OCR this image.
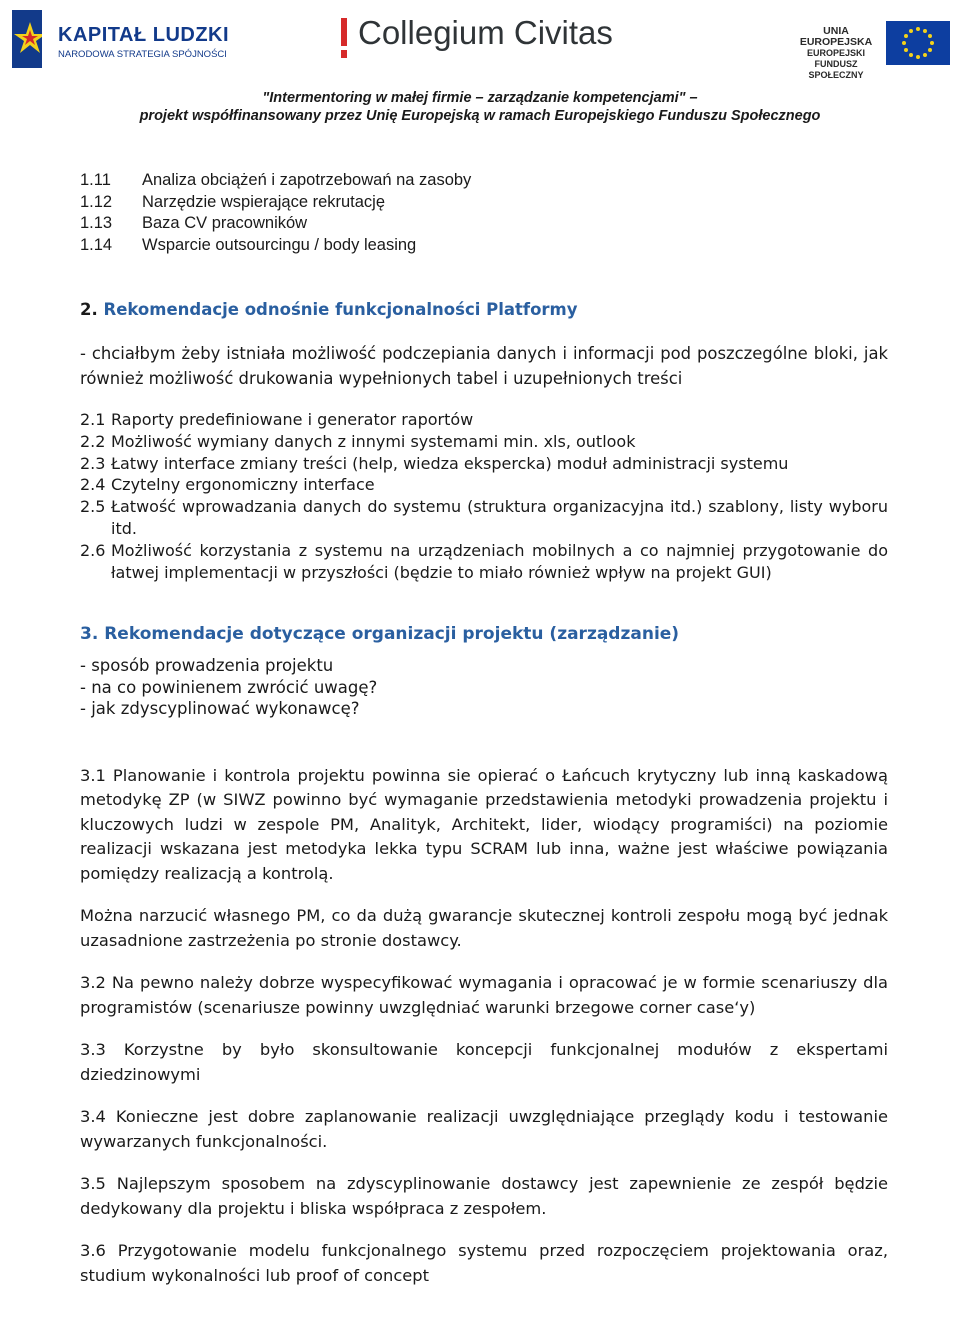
KAPITAŁ LUDZKI
NARODOWA STRATEGIA SPÓJNOŚCI
Collegium Civitas	UNIA EUROPEJSKA
EUROPEJSKI
FUNDUSZ SPOŁECZNY
"Intermentoring w małej firmie – zarządzanie kompetencjami" –
projekt współfinansowany przez Unię Europejską w ramach Europejskiego Funduszu Społecznego
1.11	Analiza obciążeń i zapotrzebowań na zasoby
1.12	Narzędzie wspierające rekrutację
1.13	Baza CV pracowników
1.14	Wsparcie outsourcingu / body leasing
2. Rekomendacje odnośnie funkcjonalności Platformy
- chciałbym żeby istniała możliwość podczepiania danych i informacji pod poszczególne bloki, jak również możliwość drukowania wypełnionych tabel i uzupełnionych treści
2.1 Raporty predefiniowane i generator raportów
2.2 Możliwość wymiany danych z innymi systemami min. xls, outlook
2.3 Łatwy interface zmiany treści (help, wiedza eksperckа) moduł administracji systemu
2.4 Czytelny ergonomiczny interface
2.5 Łatwość wprowadzania danych do systemu (struktura organizacyjna itd.) szablony, listy wyboru itd.
2.6 Możliwość korzystania z systemu na urządzeniach mobilnych a co najmniej przygotowanie do łatwej implementacji w przyszłości (będzie to miało również wpływ na projekt GUI)
3. Rekomendacje dotyczące organizacji projektu (zarządzanie)
- sposób prowadzenia projektu
- na co powinienem zwrócić uwagę?
- jak zdyscyplinować wykonawcę?
3.1 Planowanie i kontrola projektu powinna sie opierać o Łańcuch krytyczny lub inną kaskadową metodykę ZP (w SIWZ powinno być wymaganie przedstawienia metodyki prowadzenia projektu i kluczowych ludzi w zespole PM, Analityk, Architekt, lider, wiodący programiści) na poziomie realizacji wskazana jest metodyka lekka typu SCRAM lub inna, ważne jest właściwe powiązania pomiędzy realizacją a kontrolą.
Można narzucić własnego PM, co da dużą gwarancje skutecznej kontroli zespołu mogą być jednak uzasadnione zastrzeżenia po stronie dostawcy.
3.2 Na pewno należy dobrze wyspecyfikować wymagania i opracować je w formie scenariuszy dla programistów (scenariusze powinny uwzględniać warunki brzegowe corner case‘y)
3.3 Korzystne by było skonsultowanie koncepcji funkcjonalnej modułów z ekspertami dziedzinowymi
3.4 Konieczne jest dobre zaplanowanie realizacji uwzględniające przeglądy kodu i testowanie wywarzanych funkcjonalności.
3.5 Najlepszym sposobem na zdyscyplinowanie dostawcy jest zapewnienie ze zespół będzie dedykowany dla projektu i bliska współpraca z zespołem.
3.6 Przygotowanie modelu funkcjonalnego systemu przed rozpoczęciem projektowania oraz, studium wykonalności lub proof of concept
